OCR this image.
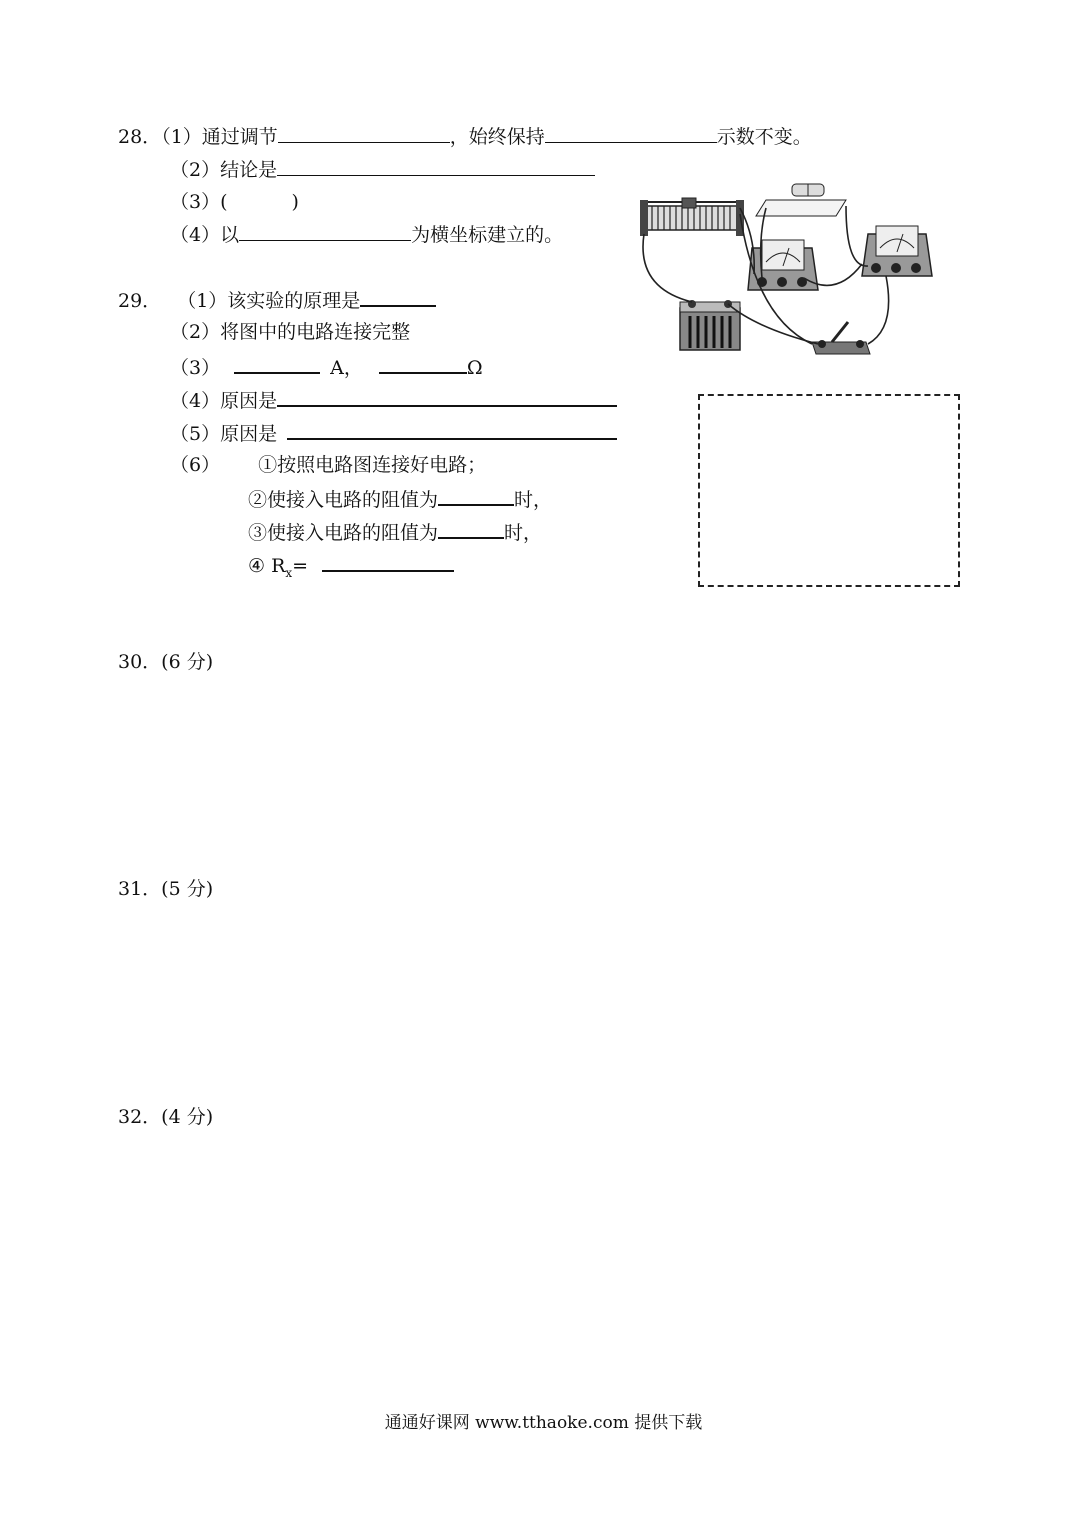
28．（1）通过调节	，始终保持	示数不变。
（2）结论是
（3）(	)
（4）以	为横坐标建立的。
29． （1）该实验的原理是
（2）将图中的电路连接完整
（3）	A，	Ω
（4）原因是
（5）原因是
（6） ①按照电路图连接好电路；
②使接入电路的阻值为	时，
③使接入电路的阻值为	时，
④ $R_x=$
30．(6 分)
31．(5 分)
32．(4 分)
通通好课网 www.tthaoke.com 提供下载
